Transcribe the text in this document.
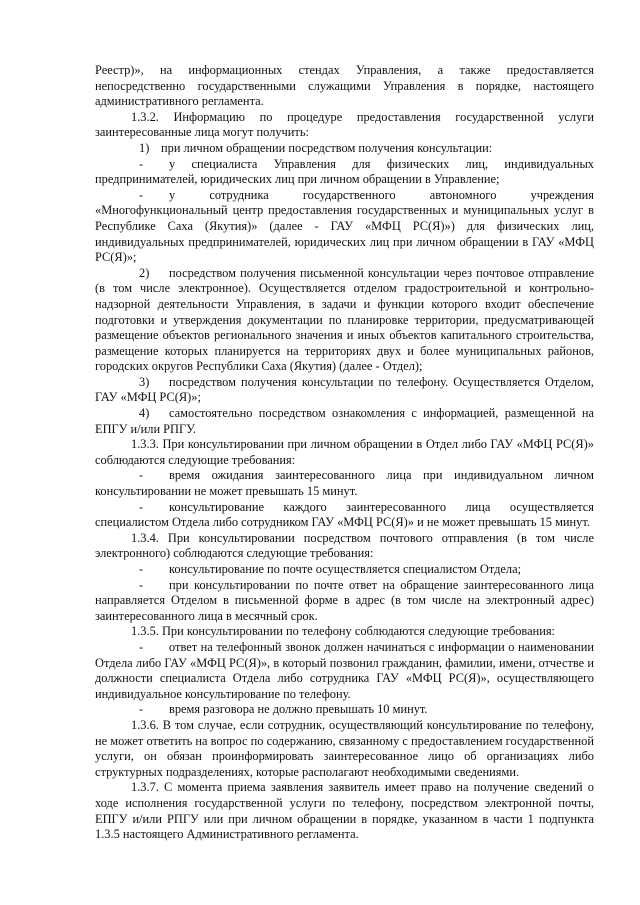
Реестр)», на информационных стендах Управления, а также предоставляется непосредственно государственными служащими Управления в порядке, настоящего административного регламента.

1.3.2. Информацию по процедуре предоставления государственной услуги заинтересованные лица могут получить:

1) при личном обращении посредством получения консультации:

- у специалиста Управления для физических лиц, индивидуальных предпринимателей, юридических лиц при личном обращении в Управление;

- у сотрудника государственного автономного учреждения «Многофункциональный центр предоставления государственных и муниципальных услуг в Республике Саха (Якутия)» (далее - ГАУ «МФЦ РС(Я)») для физических лиц, индивидуальных предпринимателей, юридических лиц при личном обращении в ГАУ «МФЦ РС(Я)»;

2) посредством получения письменной консультации через почтовое отправление (в том числе электронное). Осуществляется отделом градостроительной и контрольно-надзорной деятельности Управления, в задачи и функции которого входит обеспечение подготовки и утверждения документации по планировке территории, предусматривающей размещение объектов регионального значения и иных объектов капитального строительства, размещение которых планируется на территориях двух и более муниципальных районов, городских округов Республики Саха (Якутия) (далее - Отдел);

3) посредством получения консультации по телефону. Осуществляется Отделом, ГАУ «МФЦ РС(Я)»;

4) самостоятельно посредством ознакомления с информацией, размещенной на ЕПГУ и/или РПГУ.

1.3.3. При консультировании при личном обращении в Отдел либо ГАУ «МФЦ РС(Я)» соблюдаются следующие требования:

- время ожидания заинтересованного лица при индивидуальном личном консультировании не может превышать 15 минут.

- консультирование каждого заинтересованного лица осуществляется специалистом Отдела либо сотрудником ГАУ «МФЦ РС(Я)» и не может превышать 15 минут.

1.3.4. При консультировании посредством почтового отправления (в том числе электронного) соблюдаются следующие требования:

- консультирование по почте осуществляется специалистом Отдела;

- при консультировании по почте ответ на обращение заинтересованного лица направляется Отделом в письменной форме в адрес (в том числе на электронный адрес) заинтересованного лица в месячный срок.

1.3.5. При консультировании по телефону соблюдаются следующие требования:

- ответ на телефонный звонок должен начинаться с информации о наименовании Отдела либо ГАУ «МФЦ РС(Я)», в который позвонил гражданин, фамилии, имени, отчестве и должности специалиста Отдела либо сотрудника ГАУ «МФЦ РС(Я)», осуществляющего индивидуальное консультирование по телефону.

- время разговора не должно превышать 10 минут.

1.3.6. В том случае, если сотрудник, осуществляющий консультирование по телефону, не может ответить на вопрос по содержанию, связанному с предоставлением государственной услуги, он обязан проинформировать заинтересованное лицо об организациях либо структурных подразделениях, которые располагают необходимыми сведениями.

1.3.7. С момента приема заявления заявитель имеет право на получение сведений о ходе исполнения государственной услуги по телефону, посредством электронной почты, ЕПГУ и/или РПГУ или при личном обращении в порядке, указанном в части 1 подпункта 1.3.5 настоящего Административного регламента.
